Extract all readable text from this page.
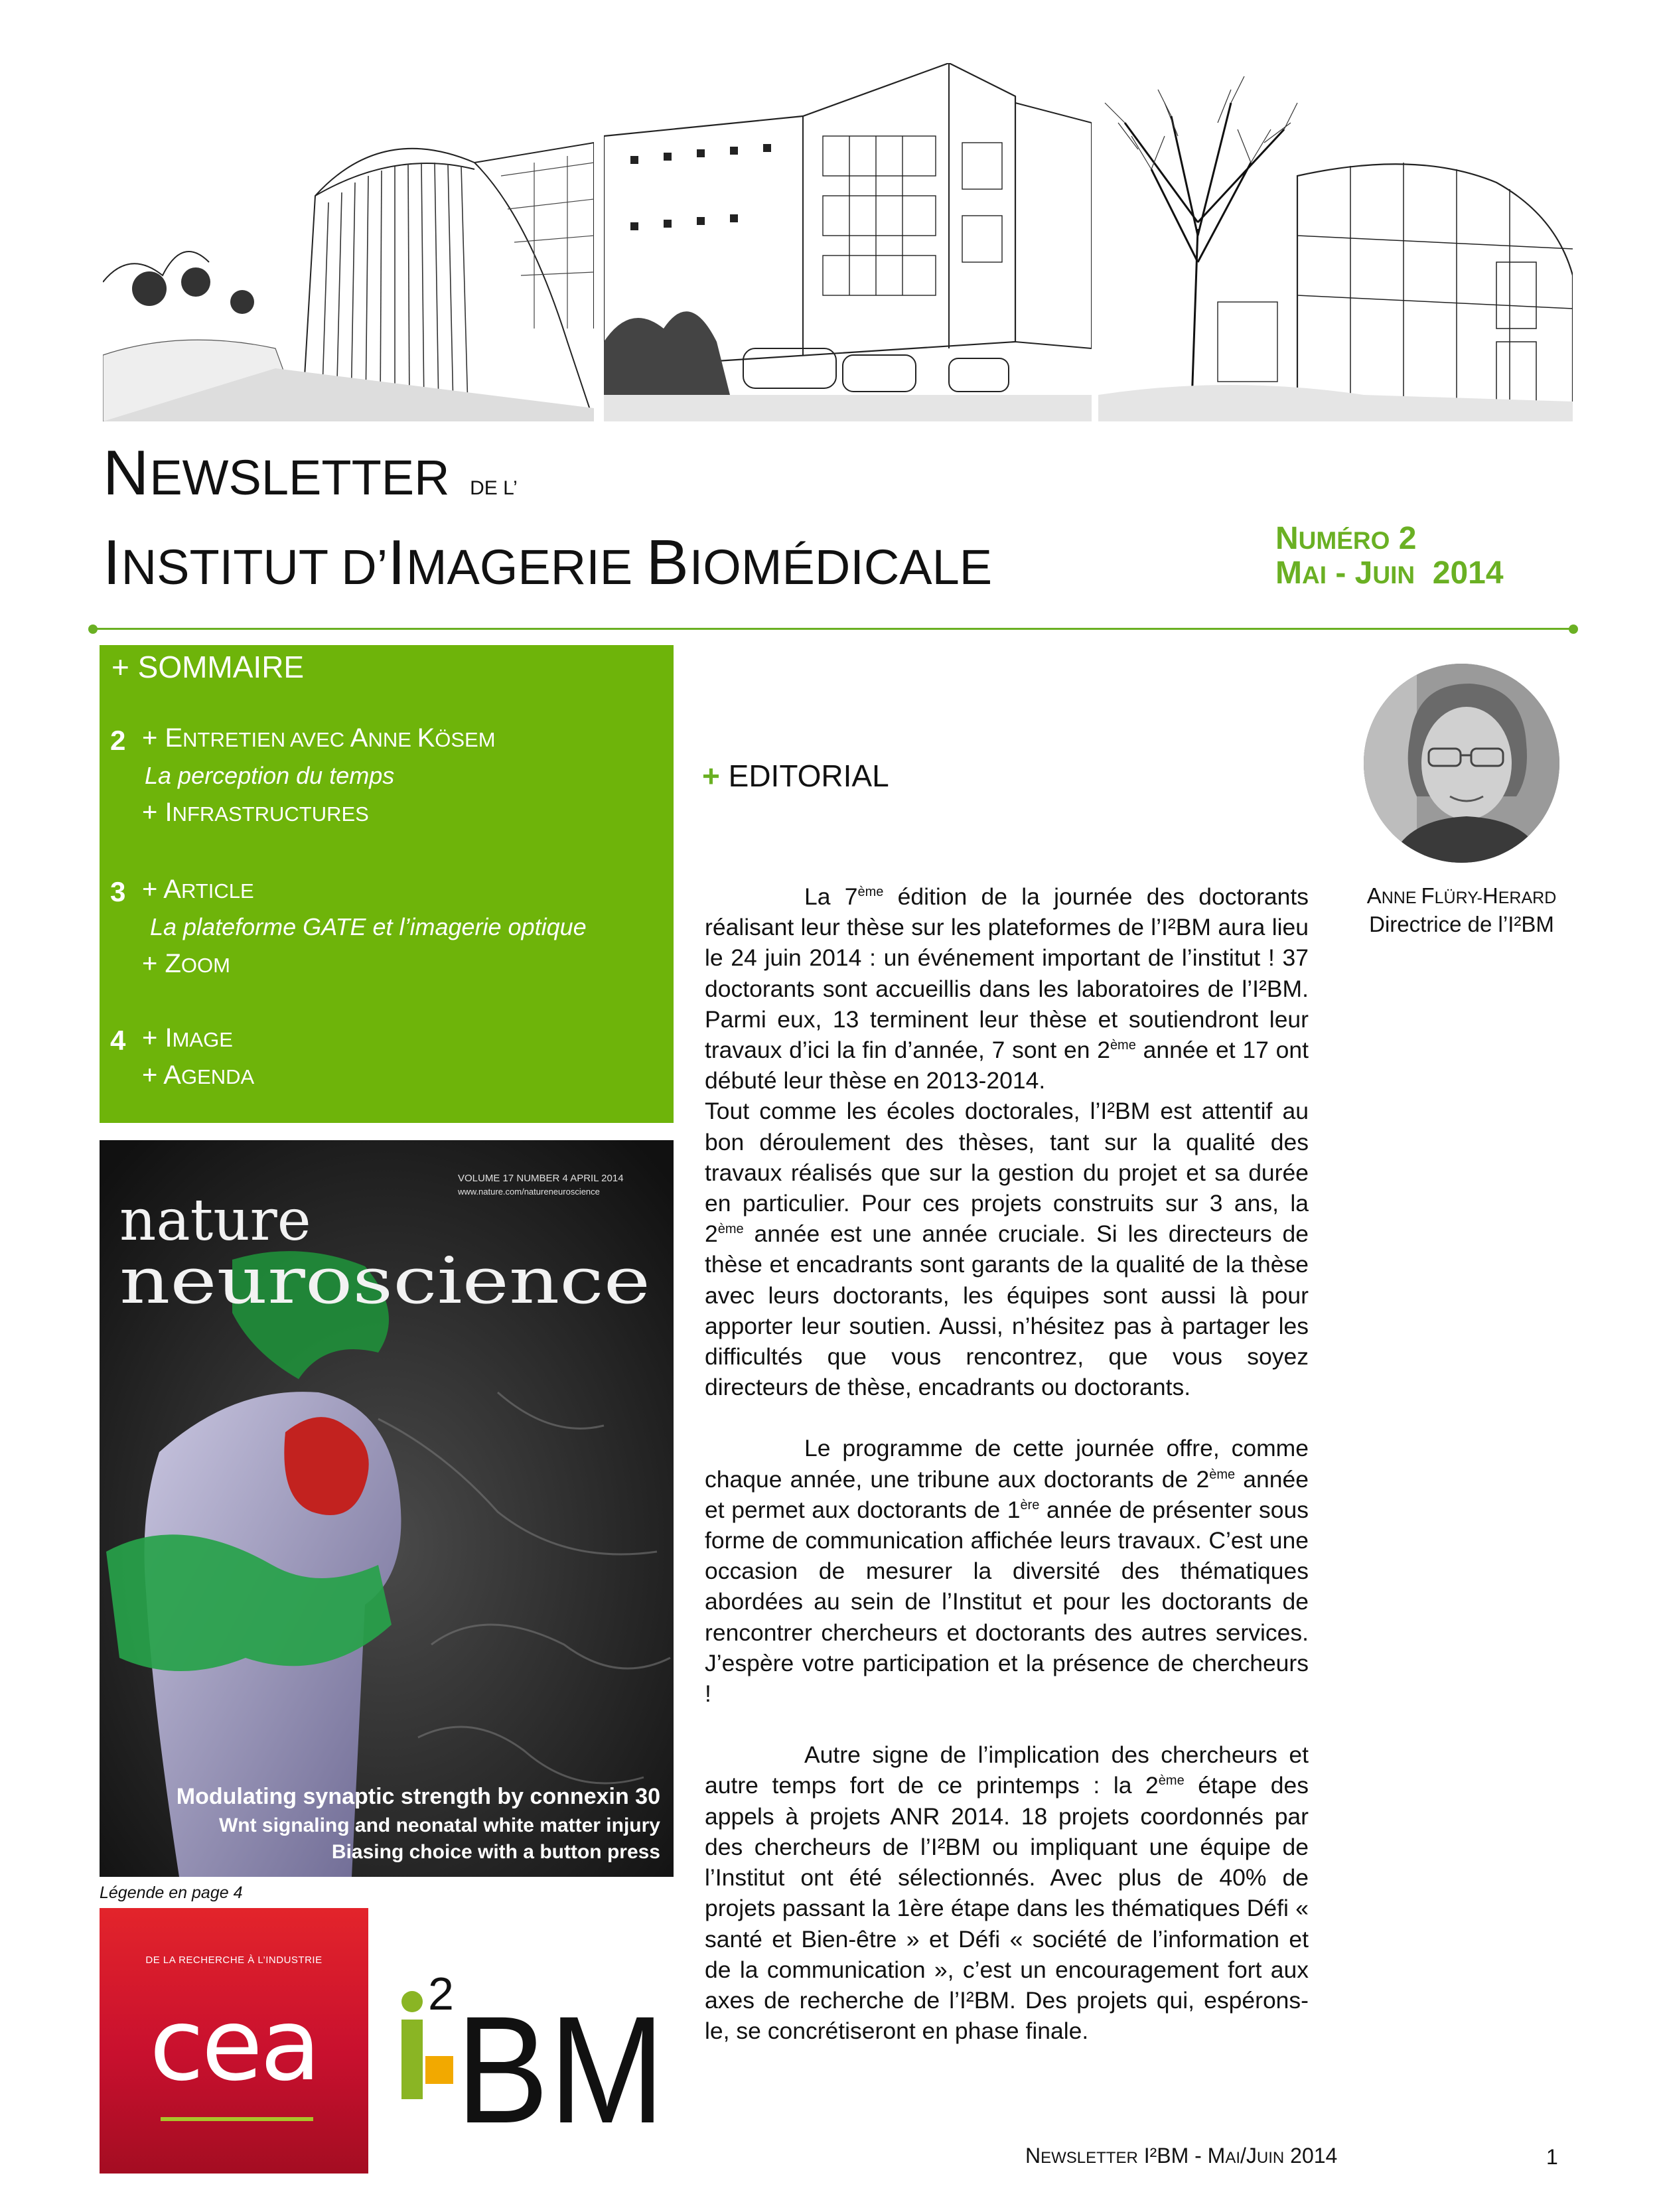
NEWSLETTER DE L’
INSTITUT D’IMAGERIE BIOMÉDICALE
NUMÉRO 2
MAI - JUIN  2014
+ SOMMAIRE
2 + ENTRETIEN AVEC ANNE KÖSEM
La perception du temps
+ INFRASTRUCTURES
3 + ARTICLE
La plateforme GATE et l’imagerie optique
+ ZOOM
4 + IMAGE
+ AGENDA
nature
neuroscience
VOLUME 17 NUMBER 4 APRIL 2014
www.nature.com/natureneuroscience
Modulating synaptic strength by connexin 30
Wnt signaling and neonatal white matter injury
Biasing choice with a button press
Légende en page 4
+ EDITORIAL

La 7ème édition de la journée des doctorants réalisant leur thèse sur les plateformes de l’I²BM aura lieu le 24 juin 2014 : un événement important de l’institut ! 37 doctorants sont accueillis dans les laboratoires de l’I²BM. Parmi eux, 13 terminent leur thèse et soutiendront leur travaux d’ici la fin d’année, 7 sont en 2ème année et 17 ont débuté leur thèse en 2013-2014.
Tout comme les écoles doctorales, l’I²BM est attentif au bon déroulement des thèses, tant sur la qualité des travaux réalisés que sur la gestion du projet et sa durée en particulier. Pour ces projets construits sur 3 ans, la 2ème année est une année cruciale. Si les directeurs de thèse et encadrants sont garants de la qualité de la thèse avec leurs doctorants, les équipes sont aussi là pour apporter leur soutien. Aussi, n’hésitez pas à partager les difficultés que vous rencontrez, que vous soyez directeurs de thèse, encadrants ou doctorants.

Le programme de cette journée offre, comme chaque année, une tribune aux doctorants de 2ème année et permet aux doctorants de 1ère année de présenter sous forme de communication affichée leurs travaux. C’est une occasion de mesurer la diversité des thématiques abordées au sein de l’Institut et pour les doctorants de rencontrer chercheurs et doctorants des autres services. J’espère votre participation et la présence de chercheurs !

Autre signe de l’implication des chercheurs et autre temps fort de ce printemps : la 2ème étape des appels à projets ANR 2014. 18 projets coordonnés par des chercheurs de l’I²BM ou impliquant une équipe de l’Institut ont été sélectionnés. Avec plus de 40% de projets passant la 1ère étape dans les thématiques Défi « santé et Bien-être » et Défi « société de l’information et de la communication », c’est un encouragement fort aux axes de recherche de l’I²BM. Des projets qui, espérons-le, se concrétiseront en phase finale.

ANNE FLÜRY-HERARD
Directrice de l’I²BM
DE LA RECHERCHE À L’INDUSTRIE
cea	2 BM
NEWSLETTER I²BM - MAI/JUIN 2014	1
